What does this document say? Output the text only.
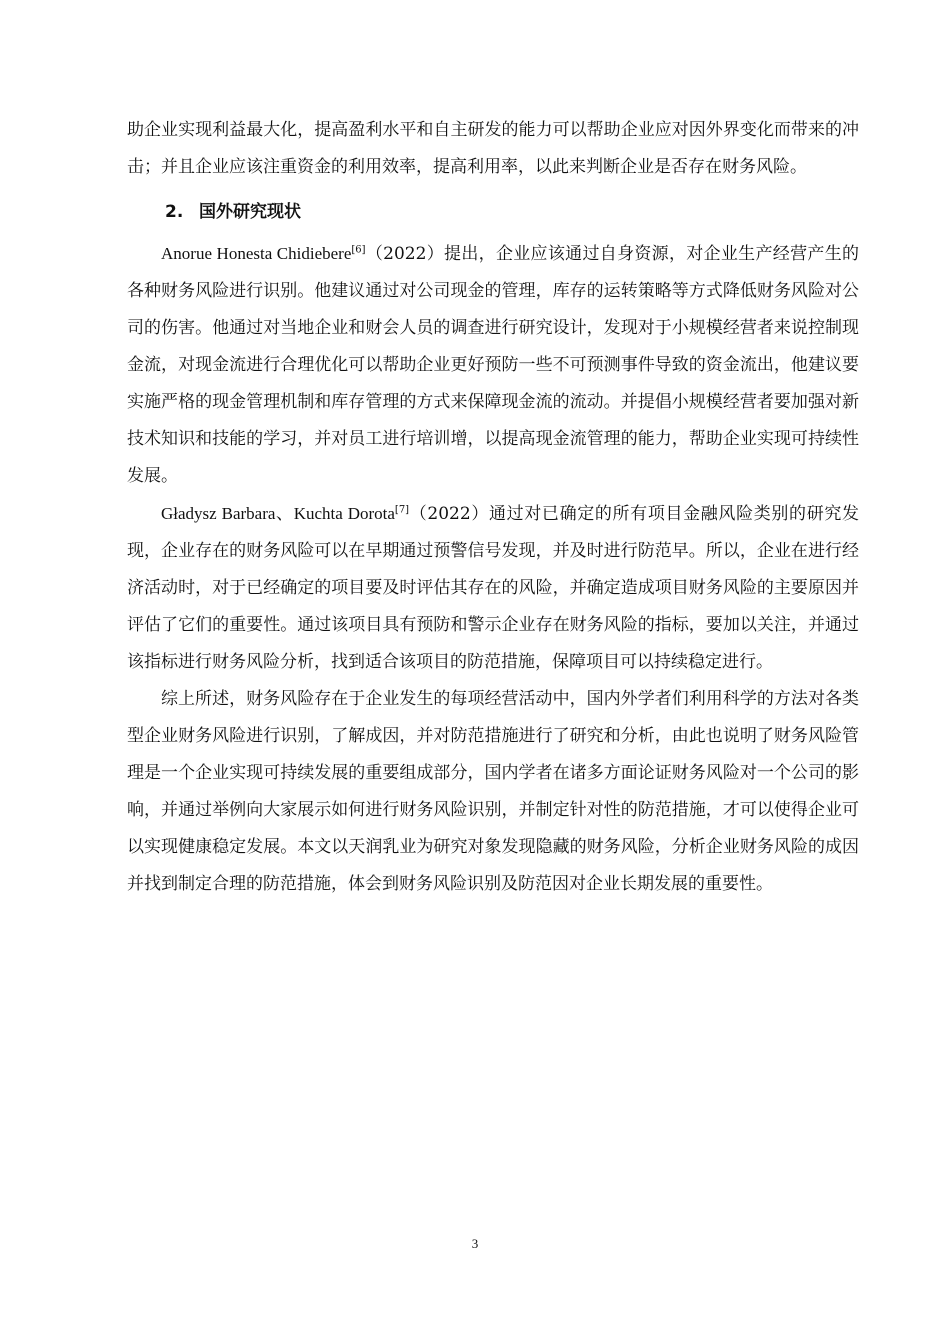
助企业实现利益最大化，提高盈利水平和自主研发的能力可以帮助企业应对因外界变化而带来的冲击；并且企业应该注重资金的利用效率，提高利用率，以此来判断企业是否存在财务风险。

2. 国外研究现状

Anorue Honesta Chidiebere[6]（2022）提出，企业应该通过自身资源，对企业生产经营产生的各种财务风险进行识别。他建议通过对公司现金的管理，库存的运转策略等方式降低财务风险对公司的伤害。他通过对当地企业和财会人员的调查进行研究设计，发现对于小规模经营者来说控制现金流，对现金流进行合理优化可以帮助企业更好预防一些不可预测事件导致的资金流出，他建议要实施严格的现金管理机制和库存管理的方式来保障现金流的流动。并提倡小规模经营者要加强对新技术知识和技能的学习，并对员工进行培训增，以提高现金流管理的能力，帮助企业实现可持续性发展。

Gładysz Barbara、Kuchta Dorota[7]（2022）通过对已确定的所有项目金融风险类别的研究发现，企业存在的财务风险可以在早期通过预警信号发现，并及时进行防范早。所以，企业在进行经济活动时，对于已经确定的项目要及时评估其存在的风险，并确定造成项目财务风险的主要原因并评估了它们的重要性。通过该项目具有预防和警示企业存在财务风险的指标，要加以关注，并通过该指标进行财务风险分析，找到适合该项目的防范措施，保障项目可以持续稳定进行。

综上所述，财务风险存在于企业发生的每项经营活动中，国内外学者们利用科学的方法对各类型企业财务风险进行识别，了解成因，并对防范措施进行了研究和分析，由此也说明了财务风险管理是一个企业实现可持续发展的重要组成部分，国内学者在诸多方面论证财务风险对一个公司的影响，并通过举例向大家展示如何进行财务风险识别，并制定针对性的防范措施，才可以使得企业可以实现健康稳定发展。本文以天润乳业为研究对象发现隐藏的财务风险，分析企业财务风险的成因并找到制定合理的防范措施，体会到财务风险识别及防范因对企业长期发展的重要性。

3
